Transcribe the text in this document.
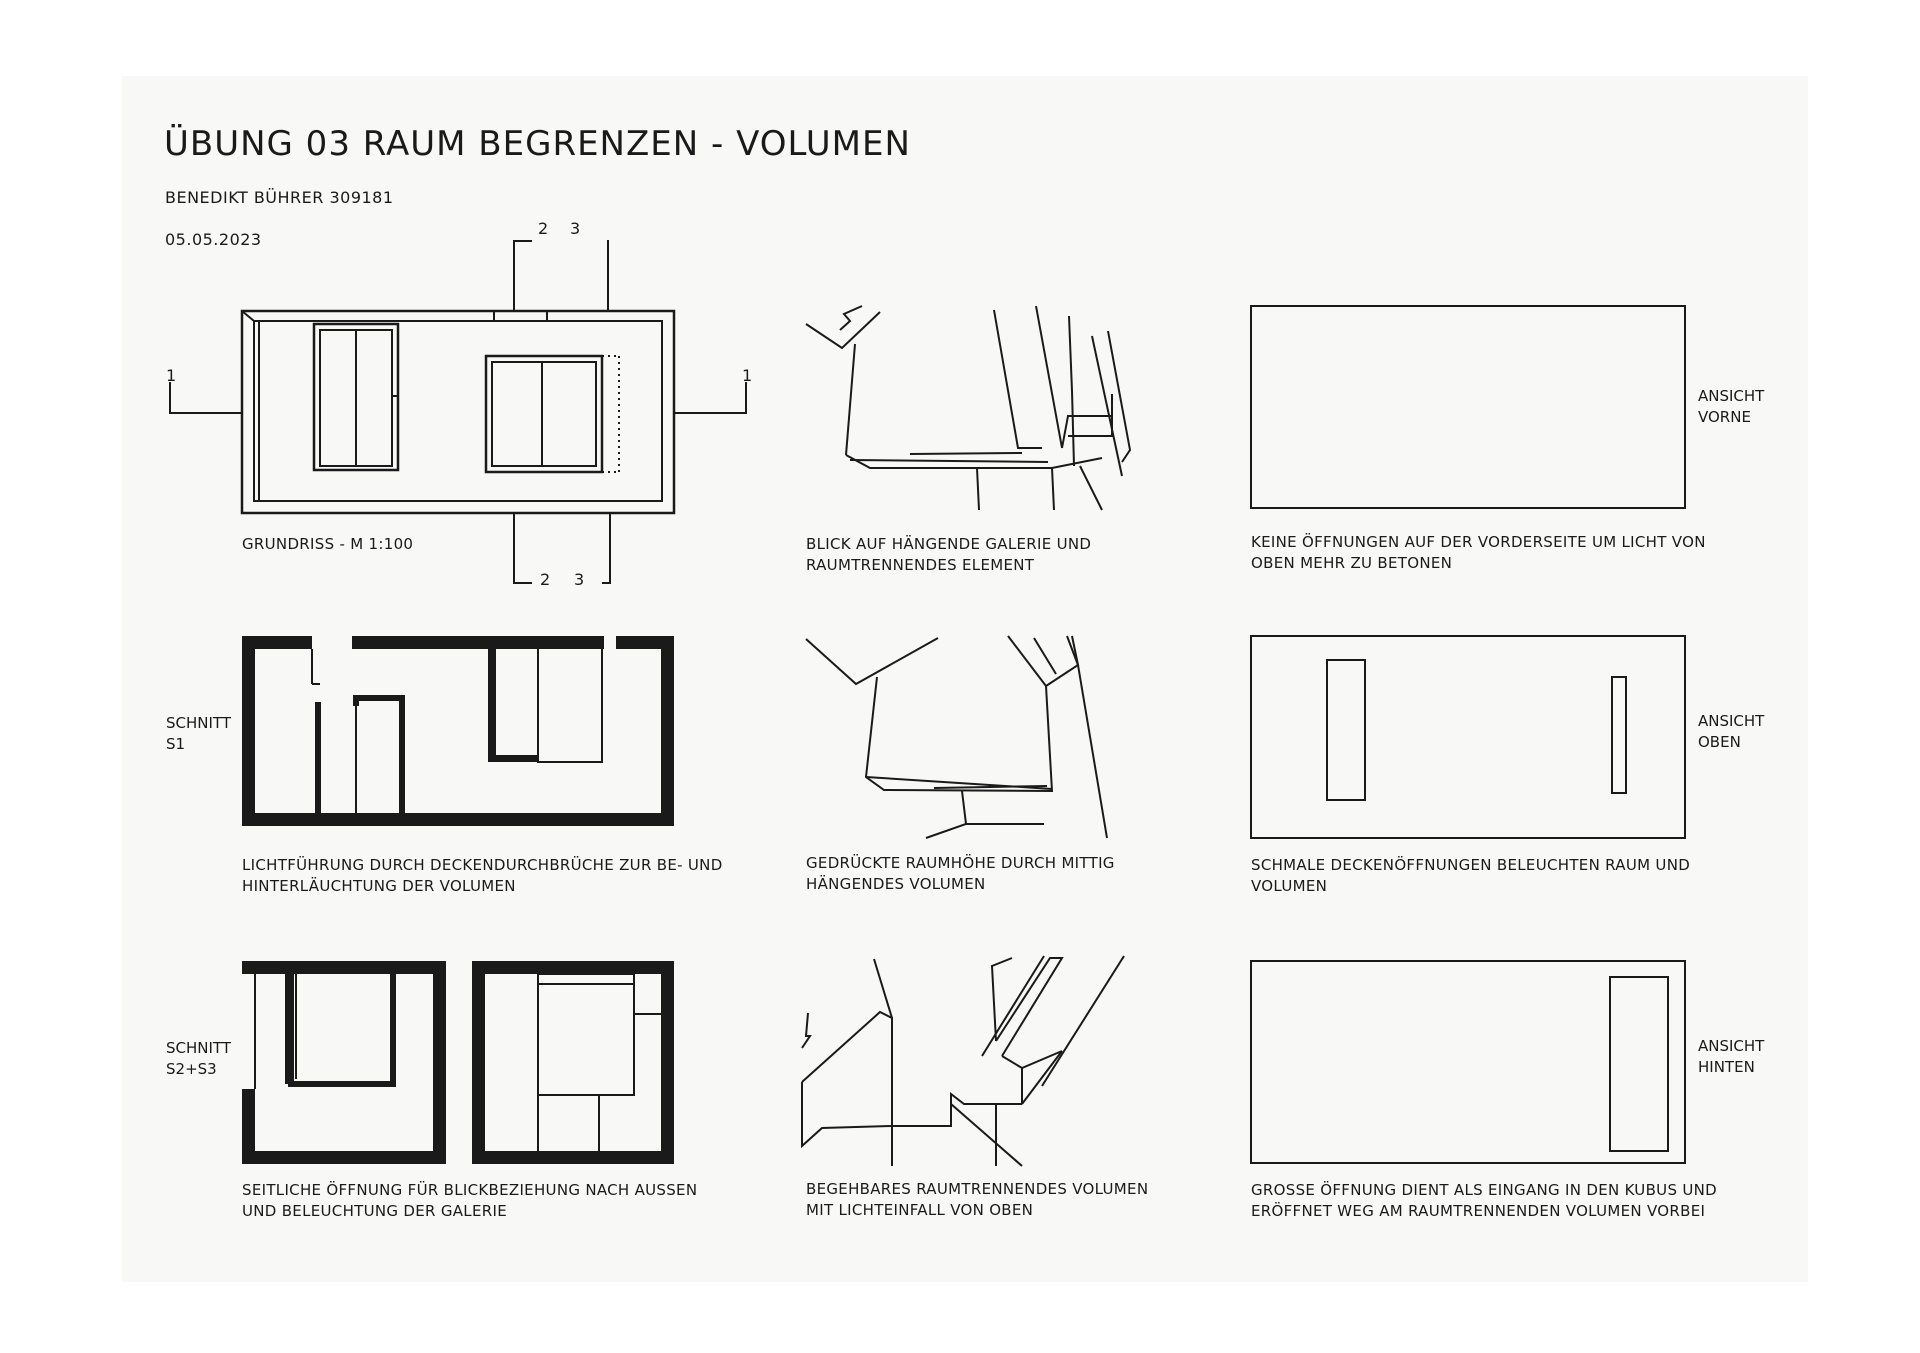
ÜBUNG 03 RAUM BEGRENZEN - VOLUMEN
BENEDIKT BÜHRER 309181
05.05.2023
1	1
2 3
2 3
SCHNITT
S1
SCHNITT
S2+S3
ANSICHT
VORNE
ANSICHT
OBEN
ANSICHT
HINTEN
GRUNDRISS - M 1:100	BLICK AUF HÄNGENDE GALERIE UND
RAUMTRENNENDES ELEMENT
KEINE ÖFFNUNGEN AUF DER VORDERSEITE UM LICHT VON
OBEN MEHR ZU BETONEN
LICHTFÜHRUNG DURCH DECKENDURCHBRÜCHE ZUR BE- UND
HINTERLÄUCHTUNG DER VOLUMEN
GEDRÜCKTE RAUMHÖHE DURCH MITTIG
HÄNGENDES VOLUMEN
SCHMALE DECKENÖFFNUNGEN BELEUCHTEN RAUM UND
VOLUMEN
SEITLICHE ÖFFNUNG FÜR BLICKBEZIEHUNG NACH AUSSEN
UND BELEUCHTUNG DER GALERIE
BEGEHBARES RAUMTRENNENDES VOLUMEN
MIT LICHTEINFALL VON OBEN
GROSSE ÖFFNUNG DIENT ALS EINGANG IN DEN KUBUS UND
ERÖFFNET WEG AM RAUMTRENNENDEN VOLUMEN VORBEI
